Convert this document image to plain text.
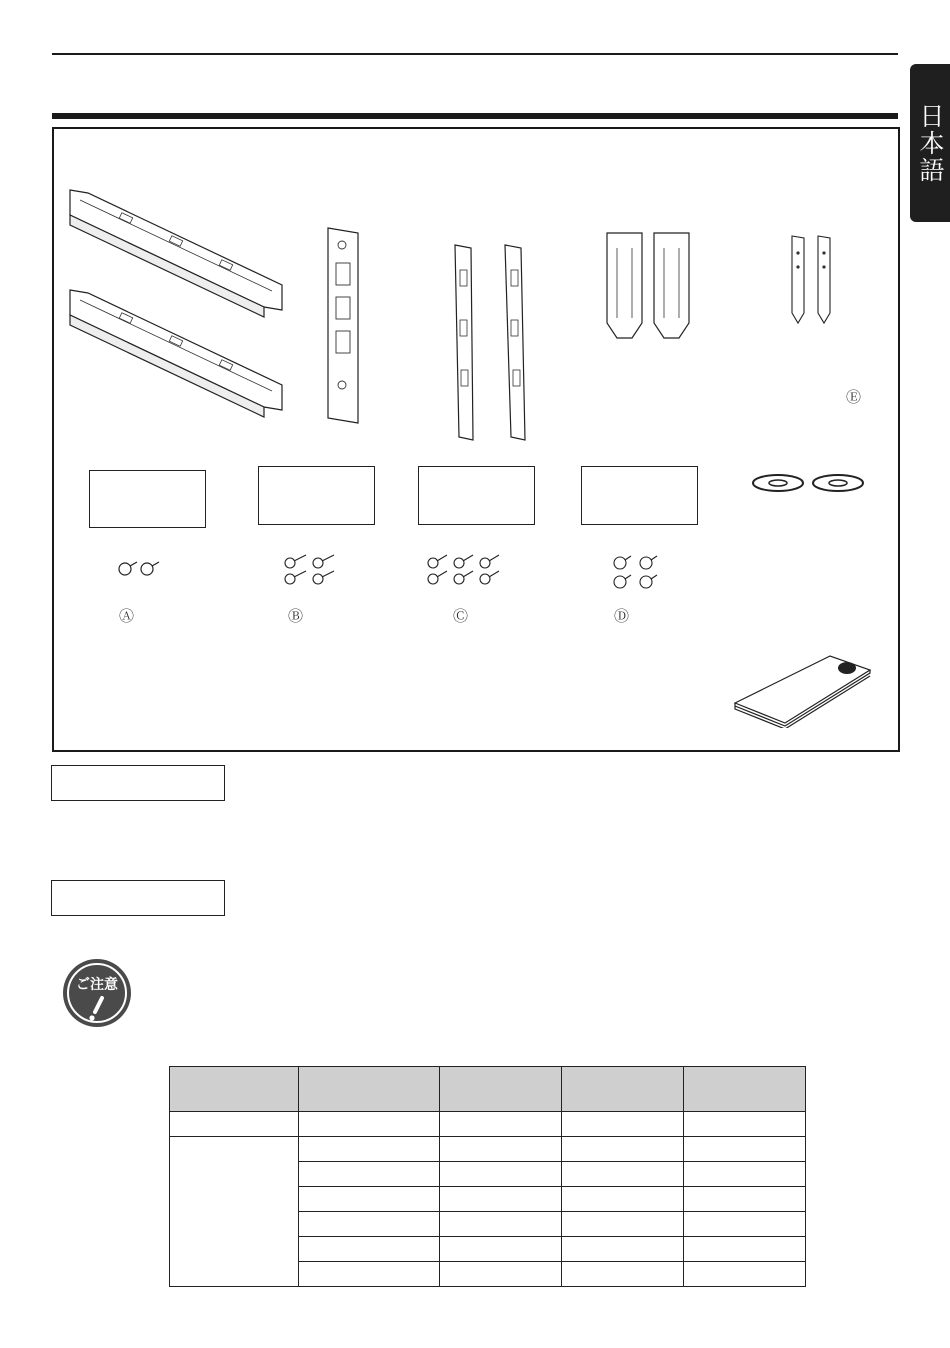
日本語
Ⓔ
Ⓐ	Ⓑ	Ⓒ	Ⓓ
ご注意
